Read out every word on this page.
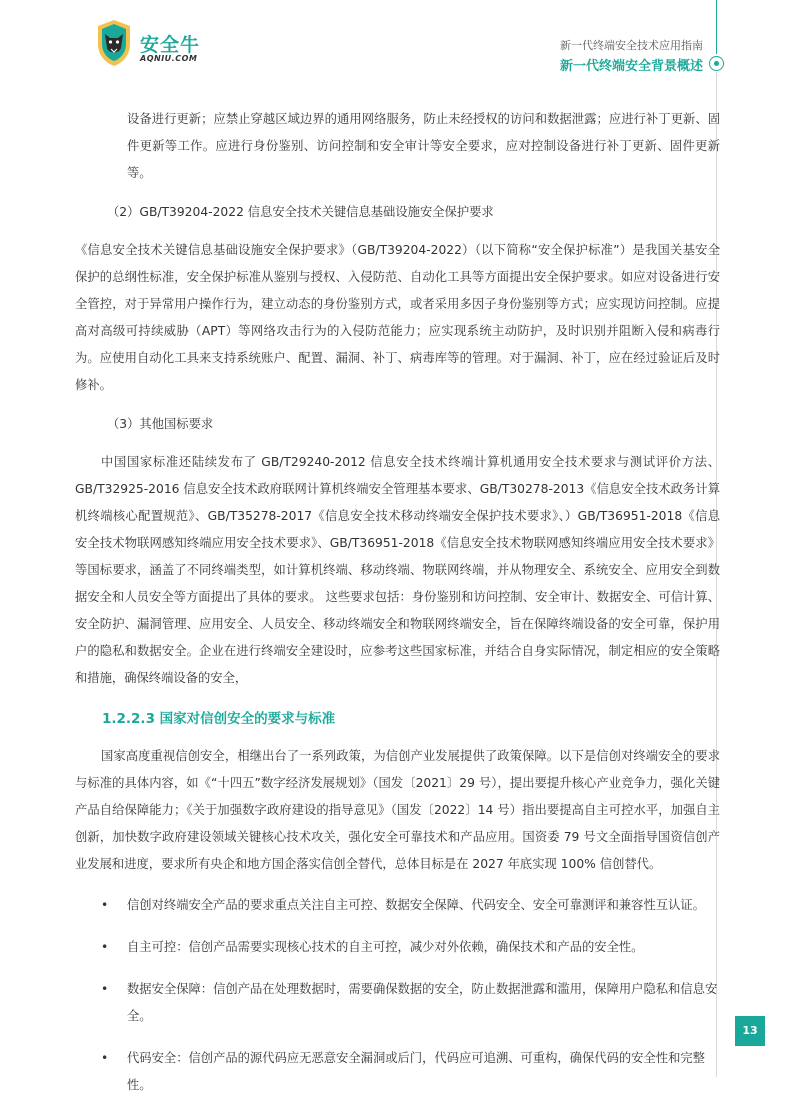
安全牛
AQNIU.COM
新一代终端安全技术应用指南
新一代终端安全背景概述

设备进行更新；应禁止穿越区域边界的通用网络服务，防止未经授权的访问和数据泄露；应进行补丁更新、固件更新等工作。应进行身份鉴别、访问控制和安全审计等安全要求，应对控制设备进行补丁更新、固件更新等。

（2）GB/T39204-2022 信息安全技术关键信息基础设施安全保护要求

《信息安全技术关键信息基础设施安全保护要求》（GB/T39204-2022）（以下简称“安全保护标准”）是我国关基安全保护的总纲性标准，安全保护标准从鉴别与授权、入侵防范、自动化工具等方面提出安全保护要求。如应对设备进行安全管控，对于异常用户操作行为，建立动态的身份鉴别方式，或者采用多因子身份鉴别等方式；应实现访问控制。应提高对高级可持续威胁（APT）等网络攻击行为的入侵防范能力；应实现系统主动防护，及时识别并阻断入侵和病毒行为。应使用自动化工具来支持系统账户、配置、漏洞、补丁、病毒库等的管理。对于漏洞、补丁，应在经过验证后及时修补。

（3）其他国标要求

中国国家标准还陆续发布了 GB/T29240-2012 信息安全技术终端计算机通用安全技术要求与测试评价方法、GB/T32925-2016 信息安全技术政府联网计算机终端安全管理基本要求、GB/T30278-2013《信息安全技术政务计算机终端核心配置规范》、GB/T35278-2017《信息安全技术移动终端安全保护技术要求》、）GB/T36951-2018《信息安全技术物联网感知终端应用安全技术要求》、GB/T36951-2018《信息安全技术物联网感知终端应用安全技术要求》等国标要求，涵盖了不同终端类型，如计算机终端、移动终端、物联网终端，并从物理安全、系统安全、应用安全到数据安全和人员安全等方面提出了具体的要求。 这些要求包括：身份鉴别和访问控制、安全审计、数据安全、可信计算、安全防护、漏洞管理、应用安全、人员安全、移动终端安全和物联网终端安全，旨在保障终端设备的安全可靠，保护用户的隐私和数据安全。企业在进行终端安全建设时，应参考这些国家标准，并结合自身实际情况，制定相应的安全策略和措施，确保终端设备的安全，

1.2.2.3 国家对信创安全的要求与标准

国家高度重视信创安全，相继出台了一系列政策，为信创产业发展提供了政策保障。以下是信创对终端安全的要求与标准的具体内容，如《“十四五”数字经济发展规划》（国发〔2021〕29 号），提出要提升核心产业竞争力，强化关键产品自给保障能力；《关于加强数字政府建设的指导意见》（国发〔2022〕14 号）指出要提高自主可控水平，加强自主创新，加快数字政府建设领域关键核心技术攻关，强化安全可靠技术和产品应用。国资委 79 号文全面指导国资信创产业发展和进度，要求所有央企和地方国企落实信创全替代，总体目标是在 2027 年底实现 100% 信创替代。

• 信创对终端安全产品的要求重点关注自主可控、数据安全保障、代码安全、安全可靠测评和兼容性互认证。
• 自主可控：信创产品需要实现核心技术的自主可控，减少对外依赖，确保技术和产品的安全性。
• 数据安全保障：信创产品在处理数据时，需要确保数据的安全，防止数据泄露和滥用，保障用户隐私和信息安全。
• 代码安全：信创产品的源代码应无恶意安全漏洞或后门，代码应可追溯、可重构，确保代码的安全性和完整性。
13
